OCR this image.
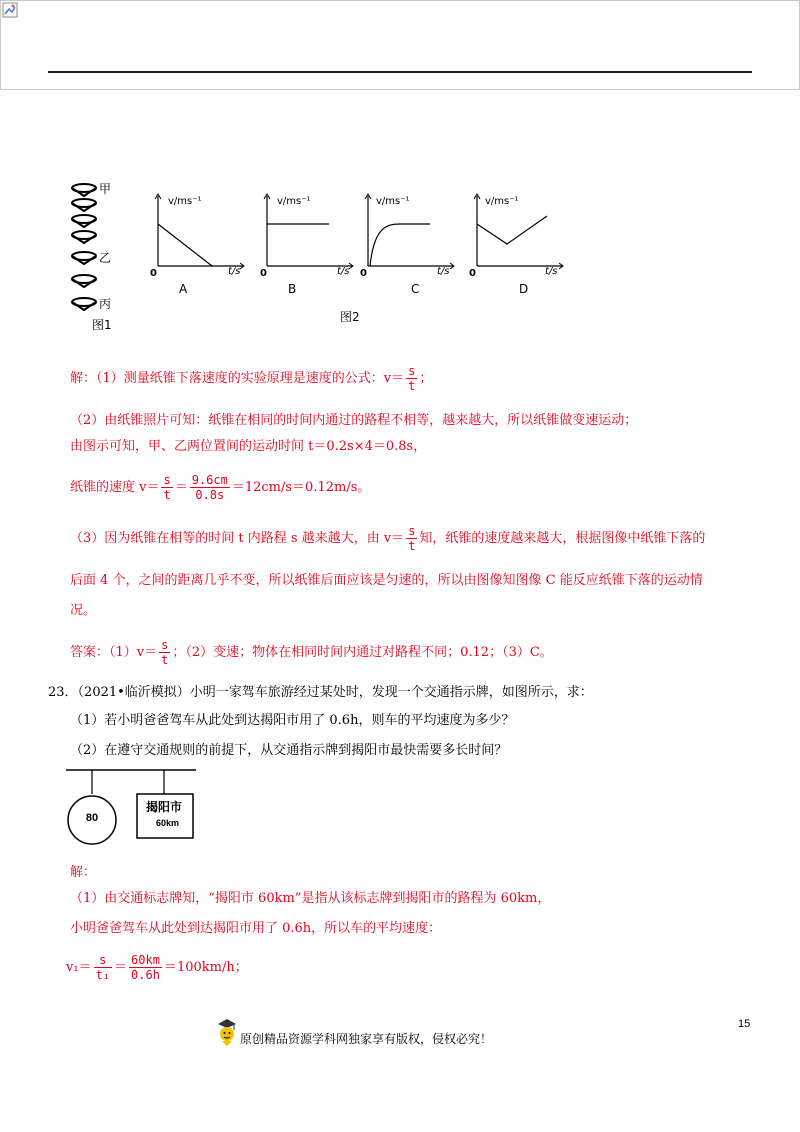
甲
乙
丙
图1
v/ms⁻¹
t/s
0
A
v/ms⁻¹
t/s
0
B
v/ms⁻¹
t/s
0
C
v/ms⁻¹
t/s
0
D
图2
解：（1）测量纸锥下落速度的实验原理是速度的公式：$v= \frac{s}{t}$ ；
（2）由纸锥照片可知：纸锥在相同的时间内通过的路程不相等，越来越大，所以纸锥做变速运动；
由图示可知，甲、乙两位置间的运动时间 t＝0.2s×4＝0.8s，
纸锥的速度 $v= \frac{s}{t} = \frac{9.6cm}{0.8s} =12cm/s=0.12m/s$。
（3）因为纸锥在相等的时间 t 内路程 s 越来越大，由 $v= \frac{s}{t}$ 知，纸锥的速度越来越大，根据图像中纸锥下落的
后面 4 个，之间的距离几乎不变，所以纸锥后面应该是匀速的，所以由图像知图像 C 能反应纸锥下落的运动情
况。
答案：$(1)v= \frac{s}{t}$ ；（2）变速；物体在相同时间内通过对路程不同；0.12；（3）C。
23．（2021•临沂模拟）小明一家驾车旅游经过某处时，发现一个交通指示牌，如图所示，求：
（1）若小明爸爸驾车从此处到达揭阳市用了 0.6h，则车的平均速度为多少？
（2）在遵守交通规则的前提下，从交通指示牌到揭阳市最快需要多长时间？
80
揭阳市
60km
解：
（1）由交通标志牌知，“揭阳市 60km”是指从该标志牌到揭阳市的路程为 60km，
小明爸爸驾车从此处到达揭阳市用了 0.6h，所以车的平均速度：
$v_1= \frac{s}{\text{t₁}} = \frac{60km}{0.6h} =100km/h$；
15
原创精品资源学科网独家享有版权，侵权必究！
